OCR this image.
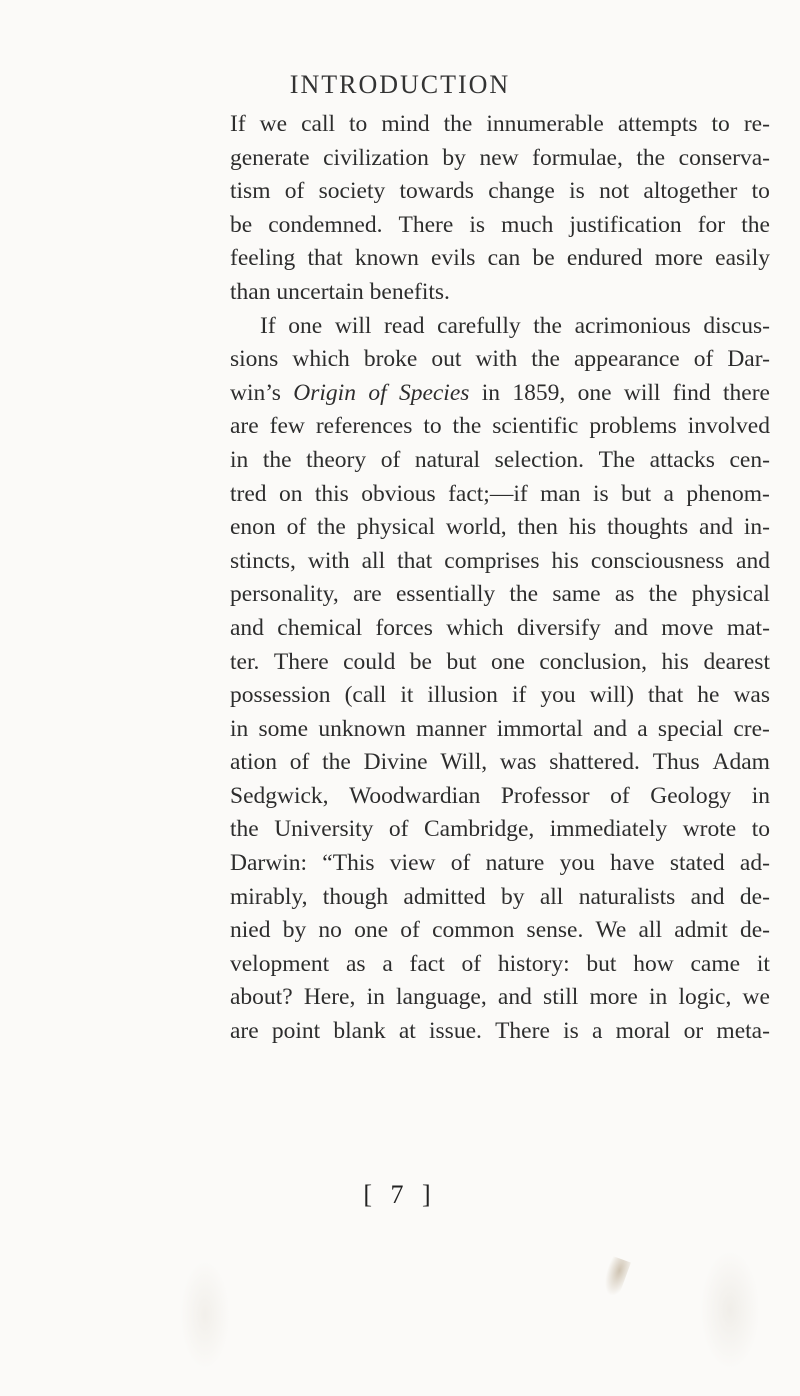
INTRODUCTION
If we call to mind the innumerable attempts to re-
generate civilization by new formulae, the conserva-
tism of society towards change is not altogether to
be condemned. There is much justification for the
feeling that known evils can be endured more easily
than uncertain benefits.
If one will read carefully the acrimonious discus-
sions which broke out with the appearance of Dar-
win’s Origin of Species in 1859, one will find there
are few references to the scientific problems involved
in the theory of natural selection. The attacks cen-
tred on this obvious fact;—if man is but a phenom-
enon of the physical world, then his thoughts and in-
stincts, with all that comprises his consciousness and
personality, are essentially the same as the physical
and chemical forces which diversify and move mat-
ter. There could be but one conclusion, his dearest
possession (call it illusion if you will) that he was
in some unknown manner immortal and a special cre-
ation of the Divine Will, was shattered. Thus Adam
Sedgwick, Woodwardian Professor of Geology in
the University of Cambridge, immediately wrote to
Darwin: “This view of nature you have stated ad-
mirably, though admitted by all naturalists and de-
nied by no one of common sense. We all admit de-
velopment as a fact of history: but how came it
about? Here, in language, and still more in logic, we
are point blank at issue. There is a moral or meta-
[ 7 ]
